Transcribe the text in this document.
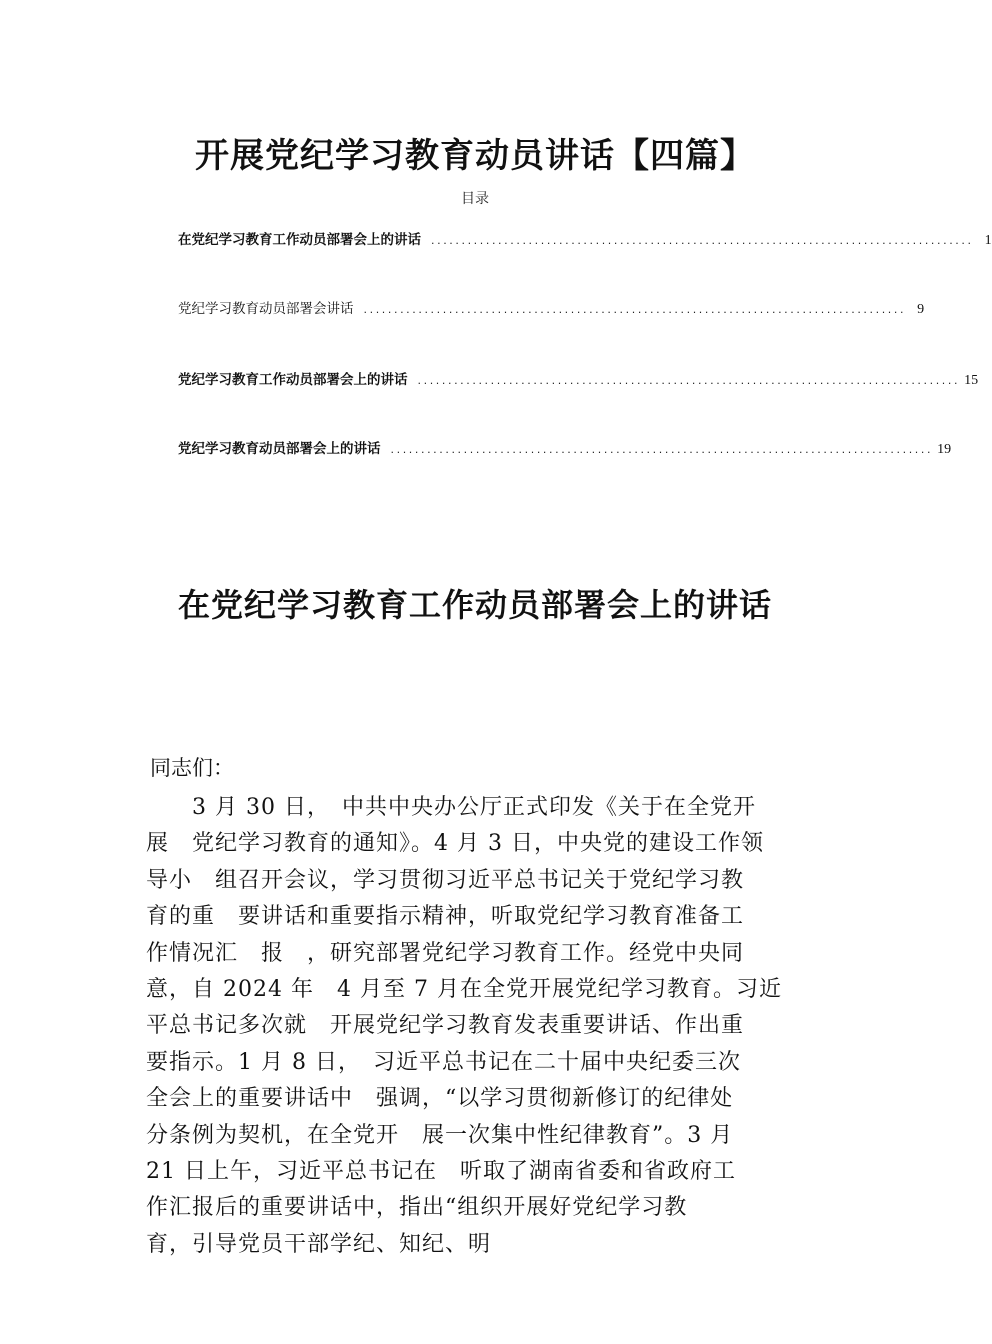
开展党纪学习教育动员讲话【四篇】
目录
在党纪学习教育工作动员部署会上的讲话 ......................................................................................... 1
党纪学习教育动员部署会讲话 ......................................................................................... 9
党纪学习教育工作动员部署会上的讲话 ......................................................................................... 15
党纪学习教育动员部署会上的讲话 ......................................................................................... 19
在党纪学习教育工作动员部署会上的讲话
同志们：
　　3 月 30 日，　中共中央办公厅正式印发《关于在全党开
展　党纪学习教育的通知》。4 月 3 日，中央党的建设工作领
导小　组召开会议，学习贯彻习近平总书记关于党纪学习教
育的重　要讲话和重要指示精神，听取党纪学习教育准备工
作情况汇　报　，研究部署党纪学习教育工作。经党中央同
意，自 2024 年　4 月至 7 月在全党开展党纪学习教育。习近
平总书记多次就　开展党纪学习教育发表重要讲话、作出重
要指示。1 月 8 日，　习近平总书记在二十届中央纪委三次
全会上的重要讲话中　强调，“以学习贯彻新修订的纪律处
分条例为契机，在全党开　展一次集中性纪律教育”。3 月
21 日上午，习近平总书记在　听取了湖南省委和省政府工
作汇报后的重要讲话中，指出“组织开展好党纪学习教
育，引导党员干部学纪、知纪、明
